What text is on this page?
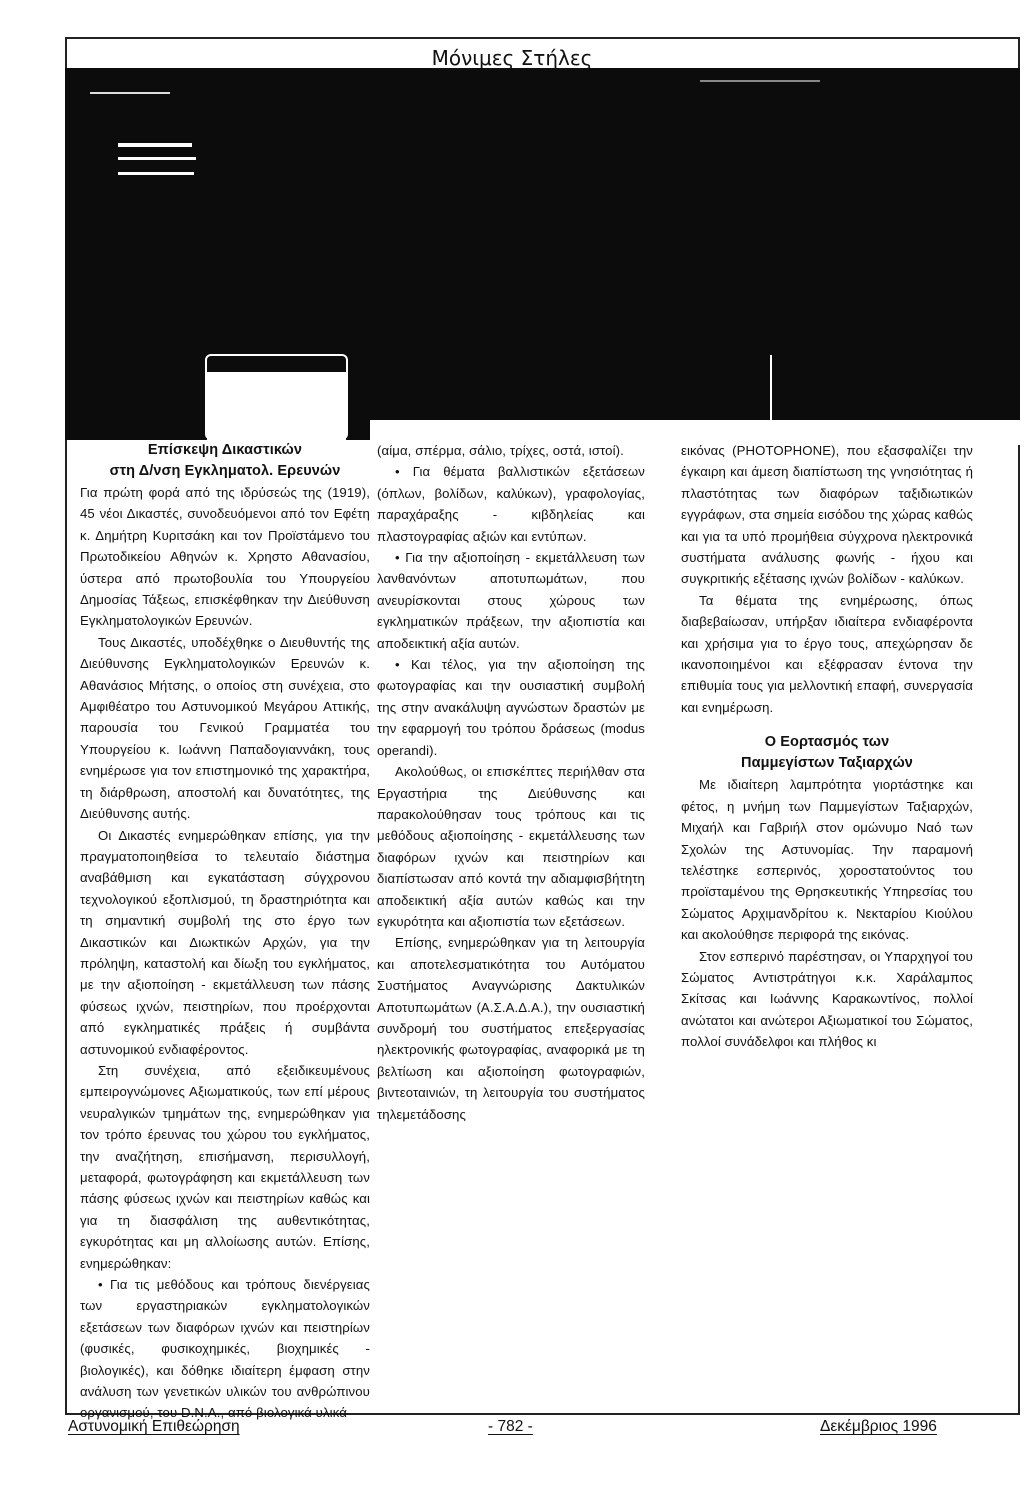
Μόνιμες Στήλες
Επίσκεψη Δικαστικών
στη Δ/νση Εγκληματολ. Ερευνών

Για πρώτη φορά από της ιδρύσεώς της (1919), 45 νέοι Δικαστές, συνοδευόμενοι από τον Εφέτη κ. Δημήτρη Κυριτσάκη και τον Προϊστάμενο του Πρωτοδικείου Αθηνών κ. Χρηστο Αθανασίου, ύστερα από πρωτοβουλία του Υπουργείου Δημοσίας Τάξεως, επισκέφθηκαν την Διεύθυνση Εγκληματολογικών Ερευνών.

Τους Δικαστές, υποδέχθηκε ο Διευθυντής της Διεύθυνσης Εγκληματολογικών Ερευνών κ. Αθανάσιος Μήτσης, ο οποίος στη συνέχεια, στο Αμφιθέατρο του Αστυνομικού Μεγάρου Αττικής, παρουσία του Γενικού Γραμματέα του Υπουργείου κ. Ιωάννη Παπαδογιαννάκη, τους ενημέρωσε για τον επιστημονικό της χαρακτήρα, τη διάρθρωση, αποστολή και δυνατότητες, της Διεύθυνσης αυτής.

Οι Δικαστές ενημερώθηκαν επίσης, για την πραγματοποιηθείσα το τελευταίο διάστημα αναβάθμιση και εγκατάσταση σύγχρονου τεχνολογικού εξοπλισμού, τη δραστηριότητα και τη σημαντική συμβολή της στο έργο των Δικαστικών και Διωκτικών Αρχών, για την πρόληψη, καταστολή και δίωξη του εγκλήματος, με την αξιοποίηση - εκμετάλλευση των πάσης φύσεως ιχνών, πειστηρίων, που προέρχονται από εγκληματικές πράξεις ή συμβάντα αστυνομικού ενδιαφέροντος.

Στη συνέχεια, από εξειδικευμένους εμπειρογνώμονες Αξιωματικούς, των επί μέρους νευραλγικών τμημάτων της, ενημερώθηκαν για τον τρόπο έρευνας του χώρου του εγκλήματος, την αναζήτηση, επισήμανση, περισυλλογή, μεταφορά, φωτογράφηση και εκμετάλλευση των πάσης φύσεως ιχνών και πειστηρίων καθώς και για τη διασφάλιση της αυθεντικότητας, εγκυρότητας και μη αλλοίωσης αυτών. Επίσης, ενημερώθηκαν:

• Για τις μεθόδους και τρόπους διενέργειας των εργαστηριακών εγκληματολογικών εξετάσεων των διαφόρων ιχνών και πειστηρίων (φυσικές, φυσικοχημικές, βιοχημικές - βιολογικές), και δόθηκε ιδιαίτερη έμφαση στην ανάλυση των γενετικών υλικών του ανθρώπινου οργανισμού, του D.N.A., από βιολογικά υλικά

(αίμα, σπέρμα, σάλιο, τρίχες, οστά, ιστοί).

• Για θέματα βαλλιστικών εξετάσεων (όπλων, βολίδων, καλύκων), γραφολογίας, παραχάραξης - κιβδηλείας και πλαστογραφίας αξιών και εντύπων.

• Για την αξιοποίηση - εκμετάλλευση των λανθανόντων αποτυπωμάτων, που ανευρίσκονται στους χώρους των εγκληματικών πράξεων, την αξιοπιστία και αποδεικτική αξία αυτών.

• Και τέλος, για την αξιοποίηση της φωτογραφίας και την ουσιαστική συμβολή της στην ανακάλυψη αγνώστων δραστών με την εφαρμογή του τρόπου δράσεως (modus operandi).

Ακολούθως, οι επισκέπτες περιήλθαν στα Εργαστήρια της Διεύθυνσης και παρακολούθησαν τους τρόπους και τις μεθόδους αξιοποίησης - εκμετάλλευσης των διαφόρων ιχνών και πειστηρίων και διαπίστωσαν από κοντά την αδιαμφισβήτητη αποδεικτική αξία αυτών καθώς και την εγκυρότητα και αξιοπιστία των εξετάσεων.

Επίσης, ενημερώθηκαν για τη λειτουργία και αποτελεσματικότητα του Αυτόματου Συστήματος Αναγνώρισης Δακτυλικών Αποτυπωμάτων (Α.Σ.Α.Δ.Α.), την ουσιαστική συνδρομή του συστήματος επεξεργασίας ηλεκτρονικής φωτογραφίας, αναφορικά με τη βελτίωση και αξιοποίηση φωτογραφιών, βιντεοταινιών, τη λειτουργία του συστήματος τηλεμετάδοσης

εικόνας (PHOTOPHONE), που εξασφαλίζει την έγκαιρη και άμεση διαπίστωση της γνησιότητας ή πλαστότητας των διαφόρων ταξιδιωτικών εγγράφων, στα σημεία εισόδου της χώρας καθώς και για τα υπό προμήθεια σύγχρονα ηλεκτρονικά συστήματα ανάλυσης φωνής - ήχου και συγκριτικής εξέτασης ιχνών βολίδων - καλύκων.

Τα θέματα της ενημέρωσης, όπως διαβεβαίωσαν, υπήρξαν ιδιαίτερα ενδιαφέροντα και χρήσιμα για το έργο τους, απεχώρησαν δε ικανοποιημένοι και εξέφρασαν έντονα την επιθυμία τους για μελλοντική επαφή, συνεργασία και ενημέρωση.

Ο Εορτασμός των
Παμμεγίστων Ταξιαρχών

Με ιδιαίτερη λαμπρότητα γιορτάστηκε και φέτος, η μνήμη των Παμμεγίστων Ταξιαρχών, Μιχαήλ και Γαβριήλ στον ομώνυμο Ναό των Σχολών της Αστυνομίας. Την παραμονή τελέστηκε εσπερινός, χοροστατούντος του προϊσταμένου της Θρησκευτικής Υπηρεσίας του Σώματος Αρχιμανδρίτου κ. Νεκταρίου Κιούλου και ακολούθησε περιφορά της εικόνας.

Στον εσπερινό παρέστησαν, οι Υπαρχηγοί του Σώματος Αντιστράτηγοι κ.κ. Χαράλαμπος Σκίτσας και Ιωάννης Καρακωντίνος, πολλοί ανώτατοι και ανώτεροι Αξιωματικοί του Σώματος, πολλοί συνάδελφοι και πλήθος κι

Αστυνομική Επιθεώρηση	- 782 -	Δεκέμβριος 1996
